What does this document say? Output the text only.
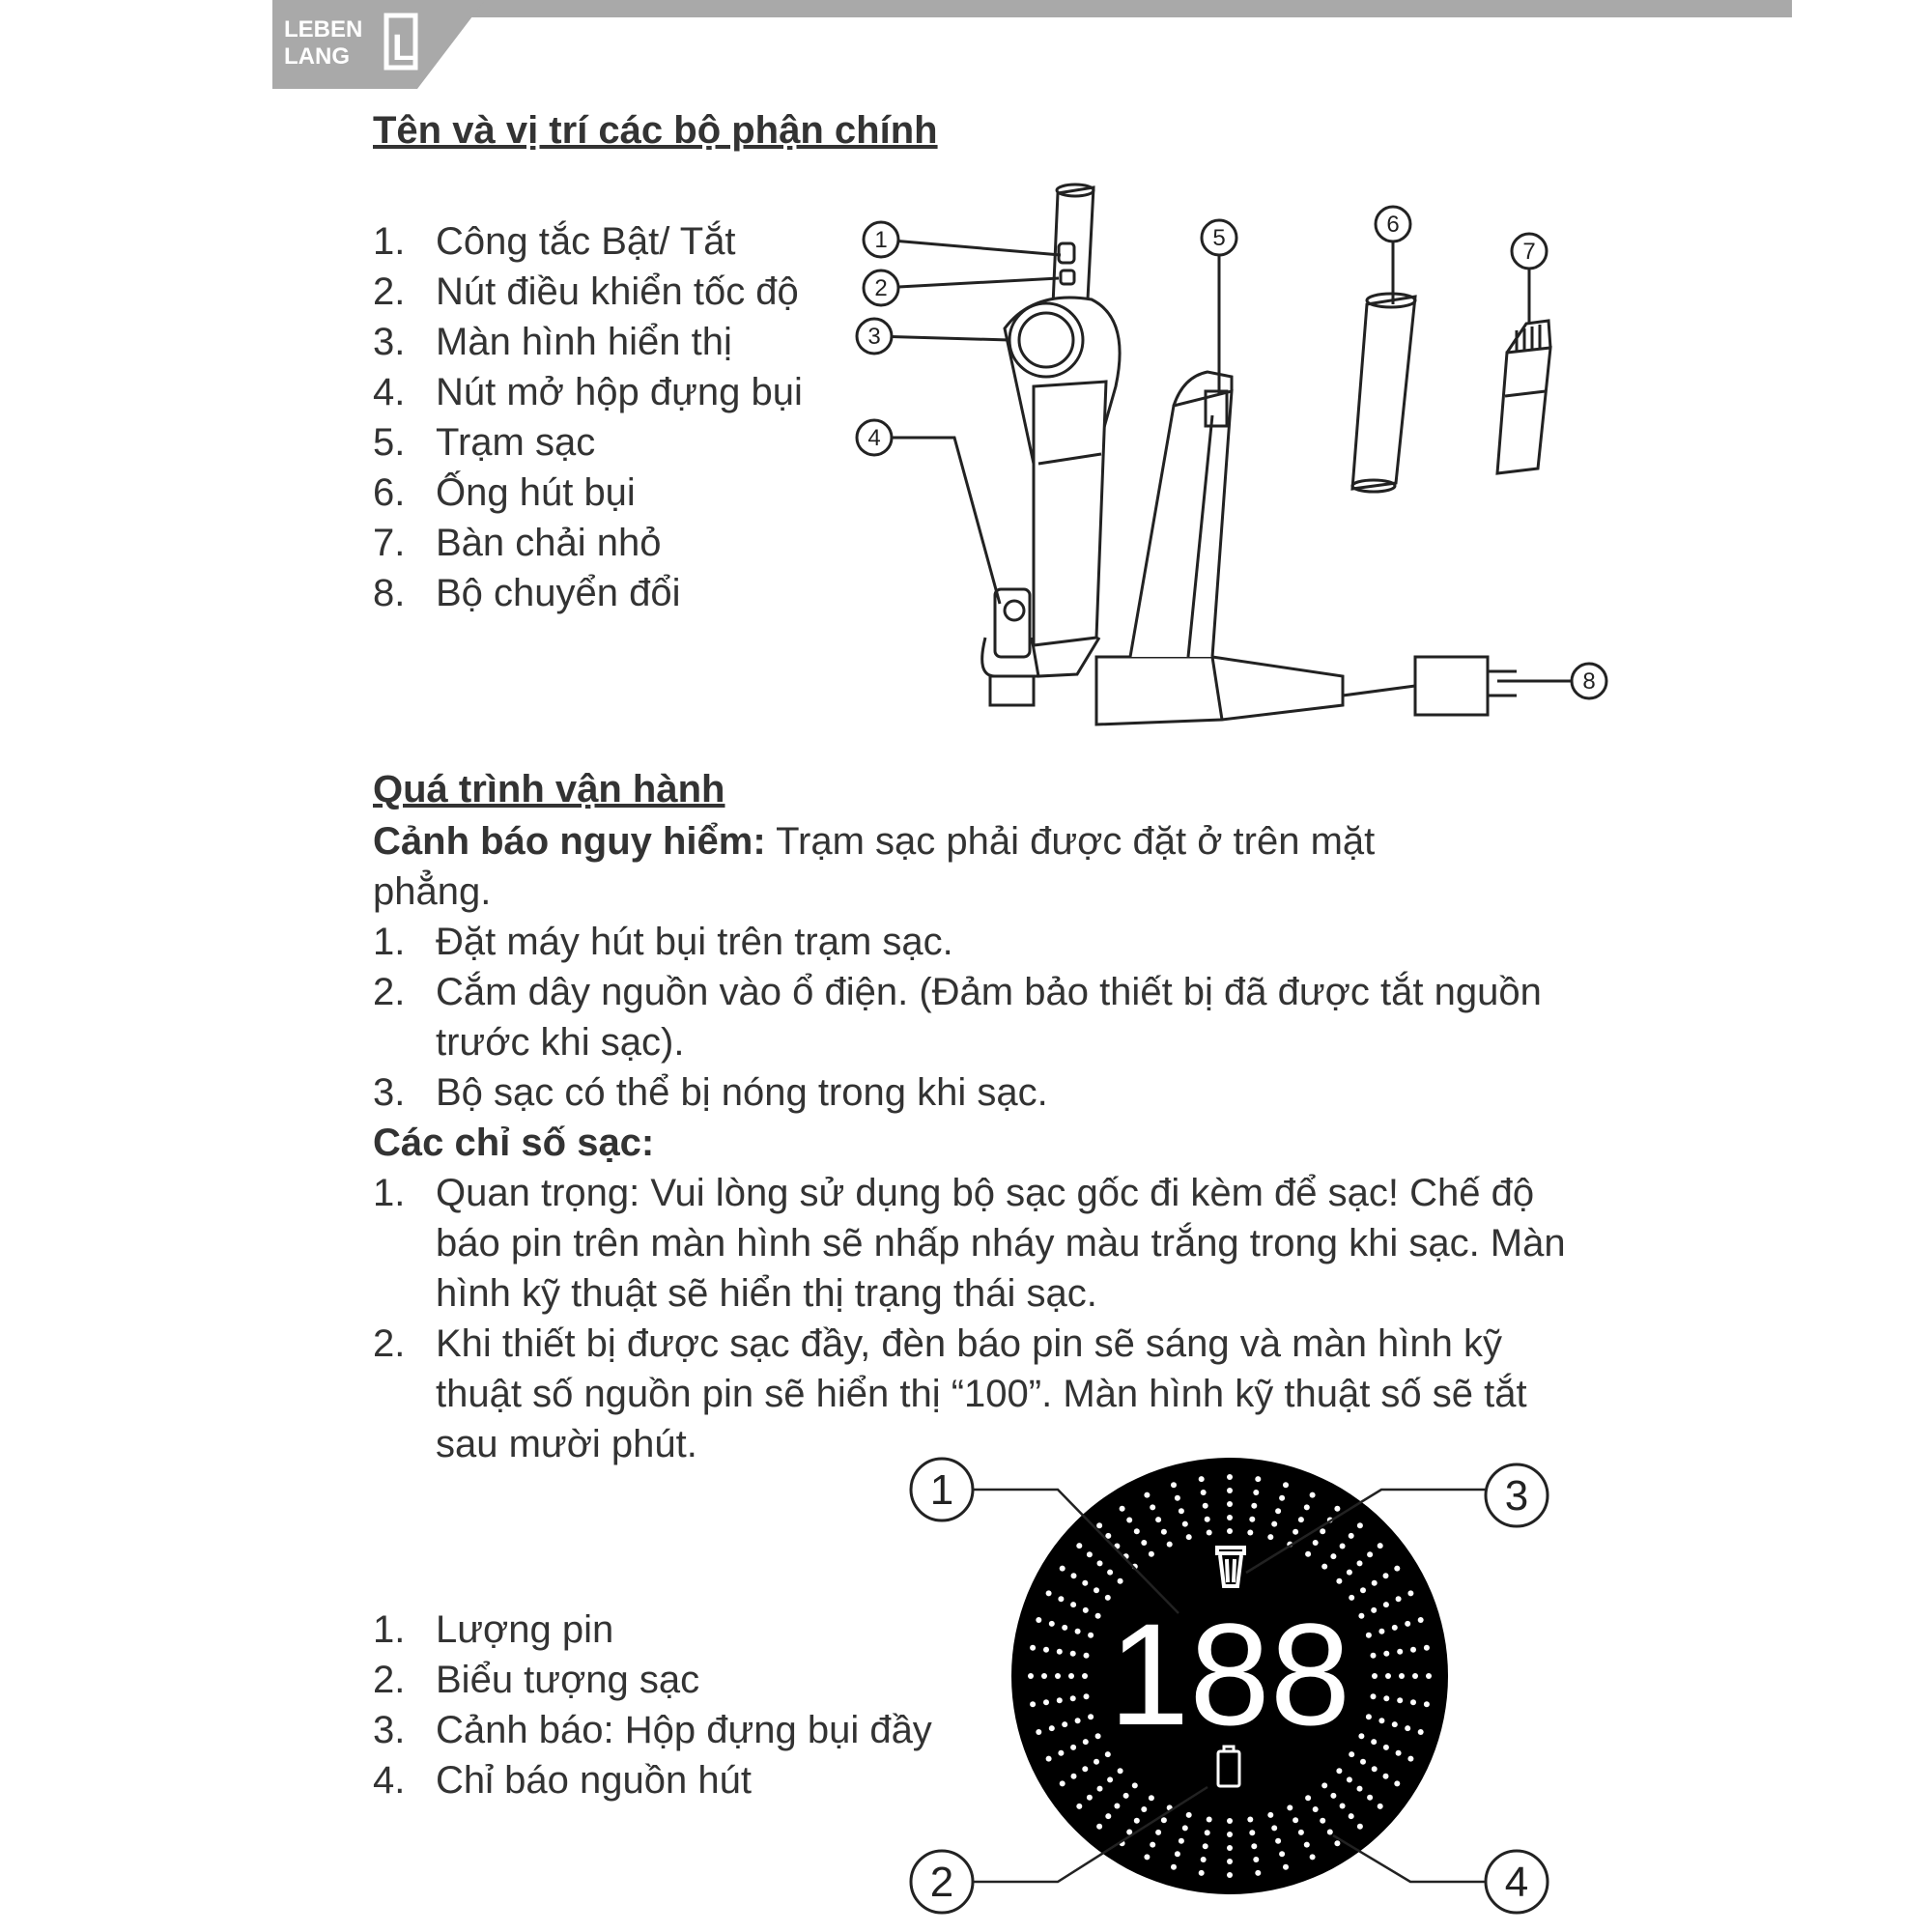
LEBEN
LANG L
Tên và vị trí các bộ phận chính
1. Công tắc Bật/ Tắt
2. Nút điều khiển tốc độ
3. Màn hình hiển thị
4. Nút mở hộp đựng bụi
5. Trạm sạc
6. Ống hút bụi
7. Bàn chải nhỏ
8. Bộ chuyển đổi
1
2
3
4
5
6
7
8
Quá trình vận hành

Cảnh báo nguy hiểm: Trạm sạc phải được đặt ở trên mặt phẳng.

1. Đặt máy hút bụi trên trạm sạc.
2. Cắm dây nguồn vào ổ điện. (Đảm bảo thiết bị đã được tắt nguồn trước khi sạc).
3. Bộ sạc có thể bị nóng trong khi sạc.

Các chỉ số sạc:

1. Quan trọng: Vui lòng sử dụng bộ sạc gốc đi kèm để sạc! Chế độ báo pin trên màn hình sẽ nhấp nháy màu trắng trong khi sạc. Màn hình kỹ thuật sẽ hiển thị trạng thái sạc.
2. Khi thiết bị được sạc đầy, đèn báo pin sẽ sáng và màn hình kỹ thuật số nguồn pin sẽ hiển thị “100”. Màn hình kỹ thuật số sẽ tắt sau mười phút.
1. Lượng pin
2. Biểu tượng sạc
3. Cảnh báo: Hộp đựng bụi đầy
4. Chỉ báo nguồn hút
188
1
2
3
4
